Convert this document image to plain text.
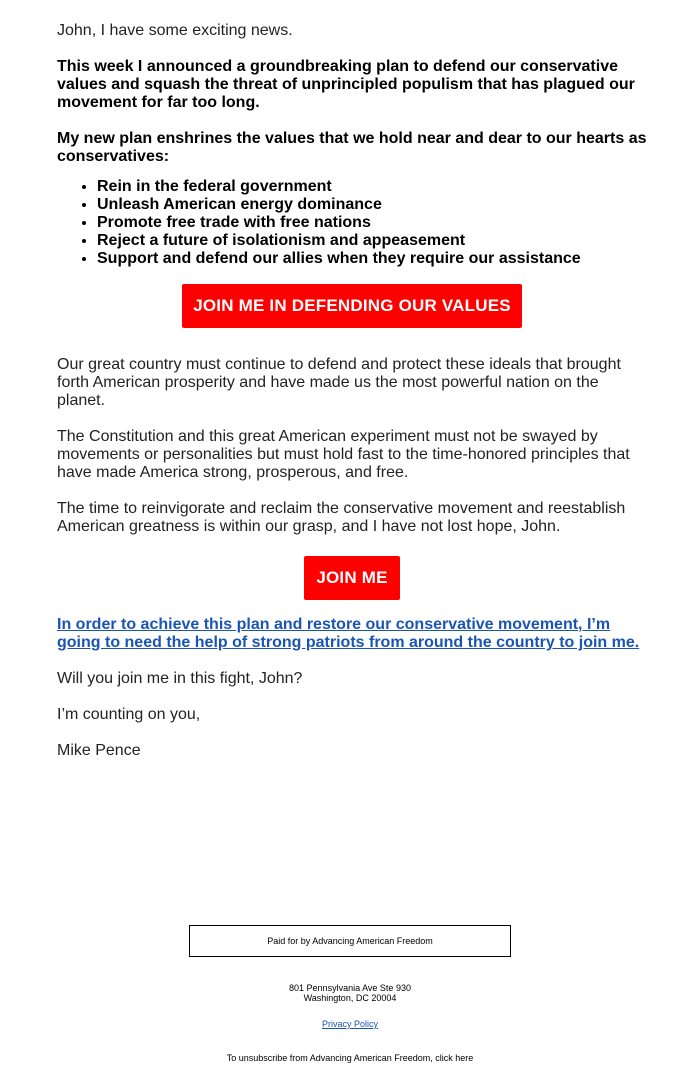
John, I have some exciting news.

This week I announced a groundbreaking plan to defend our conservative values and squash the threat of unprincipled populism that has plagued our movement for far too long.

My new plan enshrines the values that we hold near and dear to our hearts as conservatives:

• Rein in the federal government
• Unleash American energy dominance
• Promote free trade with free nations
• Reject a future of isolationism and appeasement
• Support and defend our allies when they require our assistance
JOIN ME IN DEFENDING OUR VALUES

Our great country must continue to defend and protect these ideals that brought forth American prosperity and have made us the most powerful nation on the planet.

The Constitution and this great American experiment must not be swayed by movements or personalities but must hold fast to the time-honored principles that have made America strong, prosperous, and free.

The time to reinvigorate and reclaim the conservative movement and reestablish American greatness is within our grasp, and I have not lost hope, John.

JOIN ME

In order to achieve this plan and restore our conservative movement, I’m going to need the help of strong patriots from around the country to join me.

Will you join me in this fight, John?

I’m counting on you,

Mike Pence

Paid for by Advancing American Freedom
801 Pennsylvania Ave Ste 930
Washington, DC 20004
Privacy Policy
To unsubscribe from Advancing American Freedom, click here
